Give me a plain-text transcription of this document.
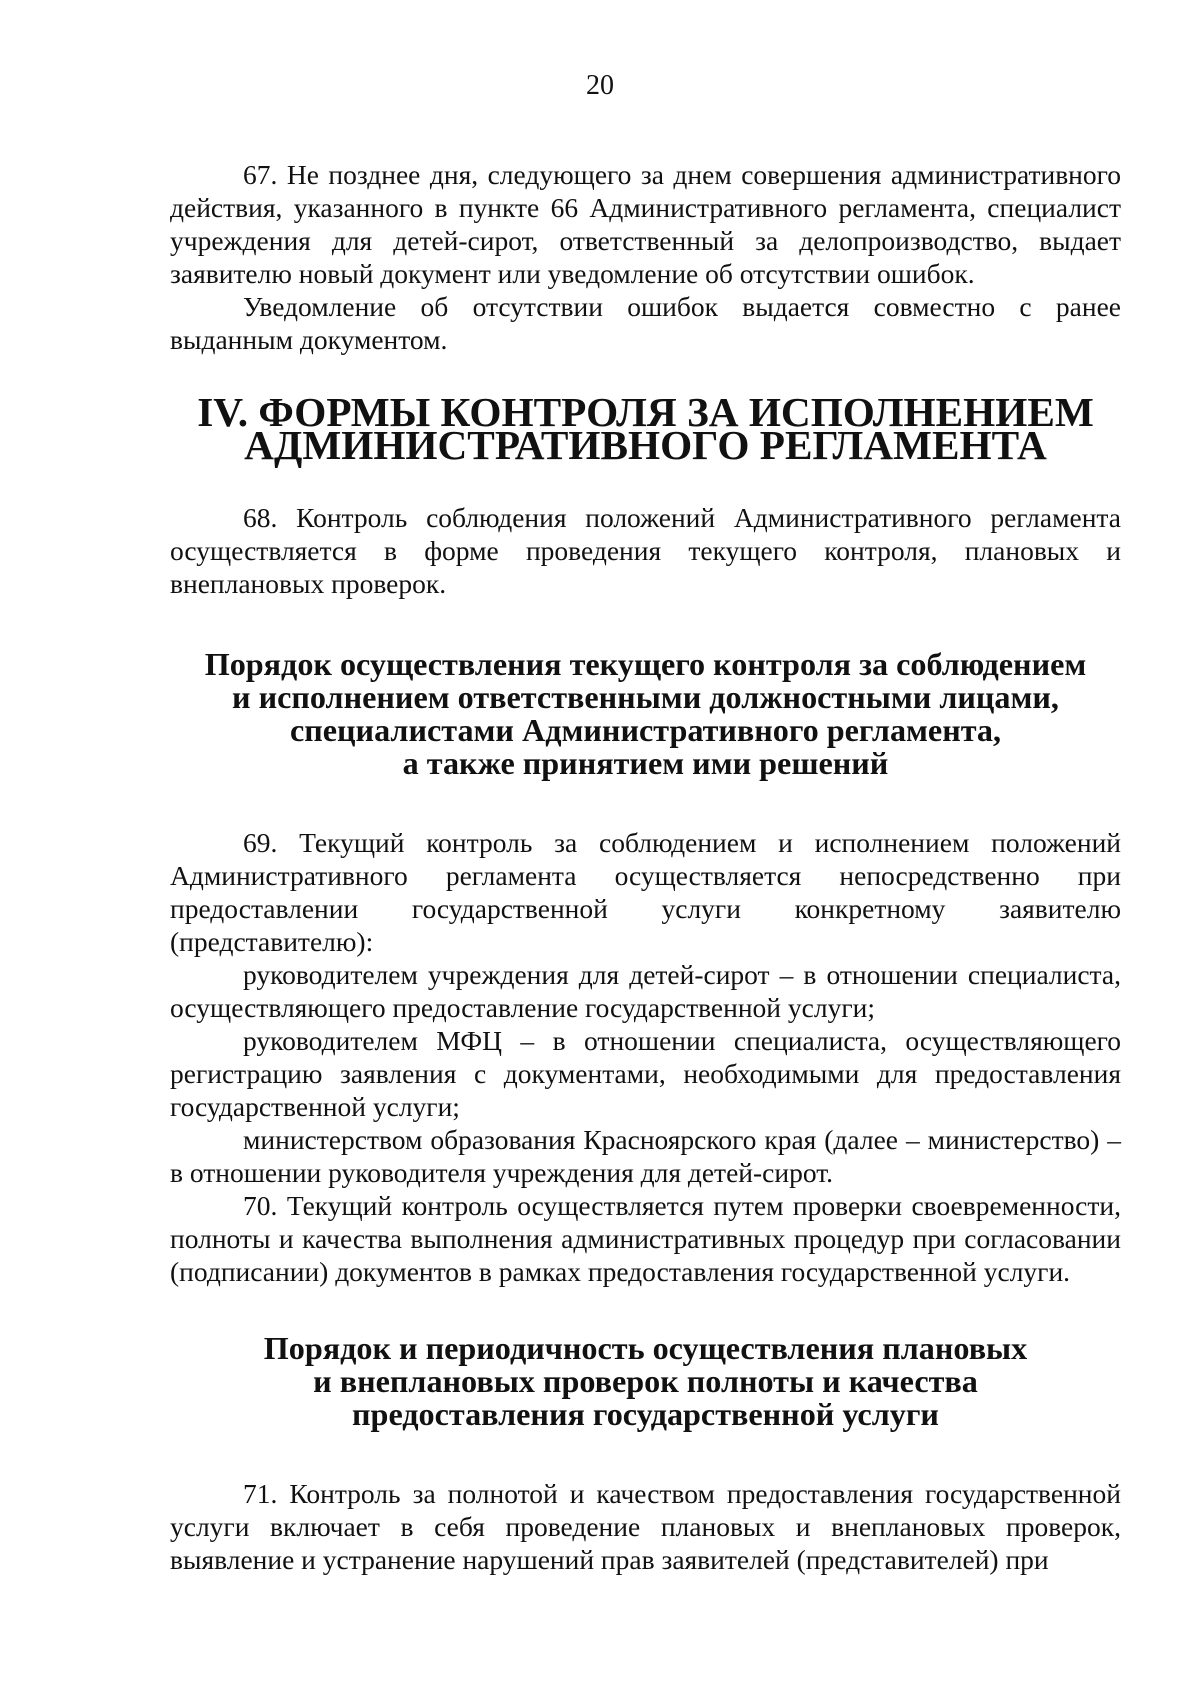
20

67. Не позднее дня, следующего за днем совершения административного действия, указанного в пункте 66 Административного регламента, специалист учреждения для детей-сирот, ответственный за делопроизводство, выдает заявителю новый документ или уведомление об отсутствии ошибок.

Уведомление об отсутствии ошибок выдается совместно с ранее выданным документом.

IV. ФОРМЫ КОНТРОЛЯ ЗА ИСПОЛНЕНИЕМ
АДМИНИСТРАТИВНОГО РЕГЛАМЕНТА

68. Контроль соблюдения положений Административного регламента осуществляется в форме проведения текущего контроля, плановых и внеплановых проверок.

Порядок осуществления текущего контроля за соблюдением
и исполнением ответственными должностными лицами,
специалистами Административного регламента,
а также принятием ими решений

69. Текущий контроль за соблюдением и исполнением положений Административного регламента осуществляется непосредственно при предоставлении государственной услуги конкретному заявителю (представителю):

руководителем учреждения для детей-сирот – в отношении специалиста, осуществляющего предоставление государственной услуги;

руководителем МФЦ – в отношении специалиста, осуществляющего регистрацию заявления с документами, необходимыми для предоставления государственной услуги;

министерством образования Красноярского края (далее – министерство) – в отношении руководителя учреждения для детей-сирот.

70. Текущий контроль осуществляется путем проверки своевременности, полноты и качества выполнения административных процедур при согласовании (подписании) документов в рамках предоставления государственной услуги.

Порядок и периодичность осуществления плановых
и внеплановых проверок полноты и качества
предоставления государственной услуги

71. Контроль за полнотой и качеством предоставления государственной услуги включает в себя проведение плановых и внеплановых проверок, выявление и устранение нарушений прав заявителей (представителей) при
